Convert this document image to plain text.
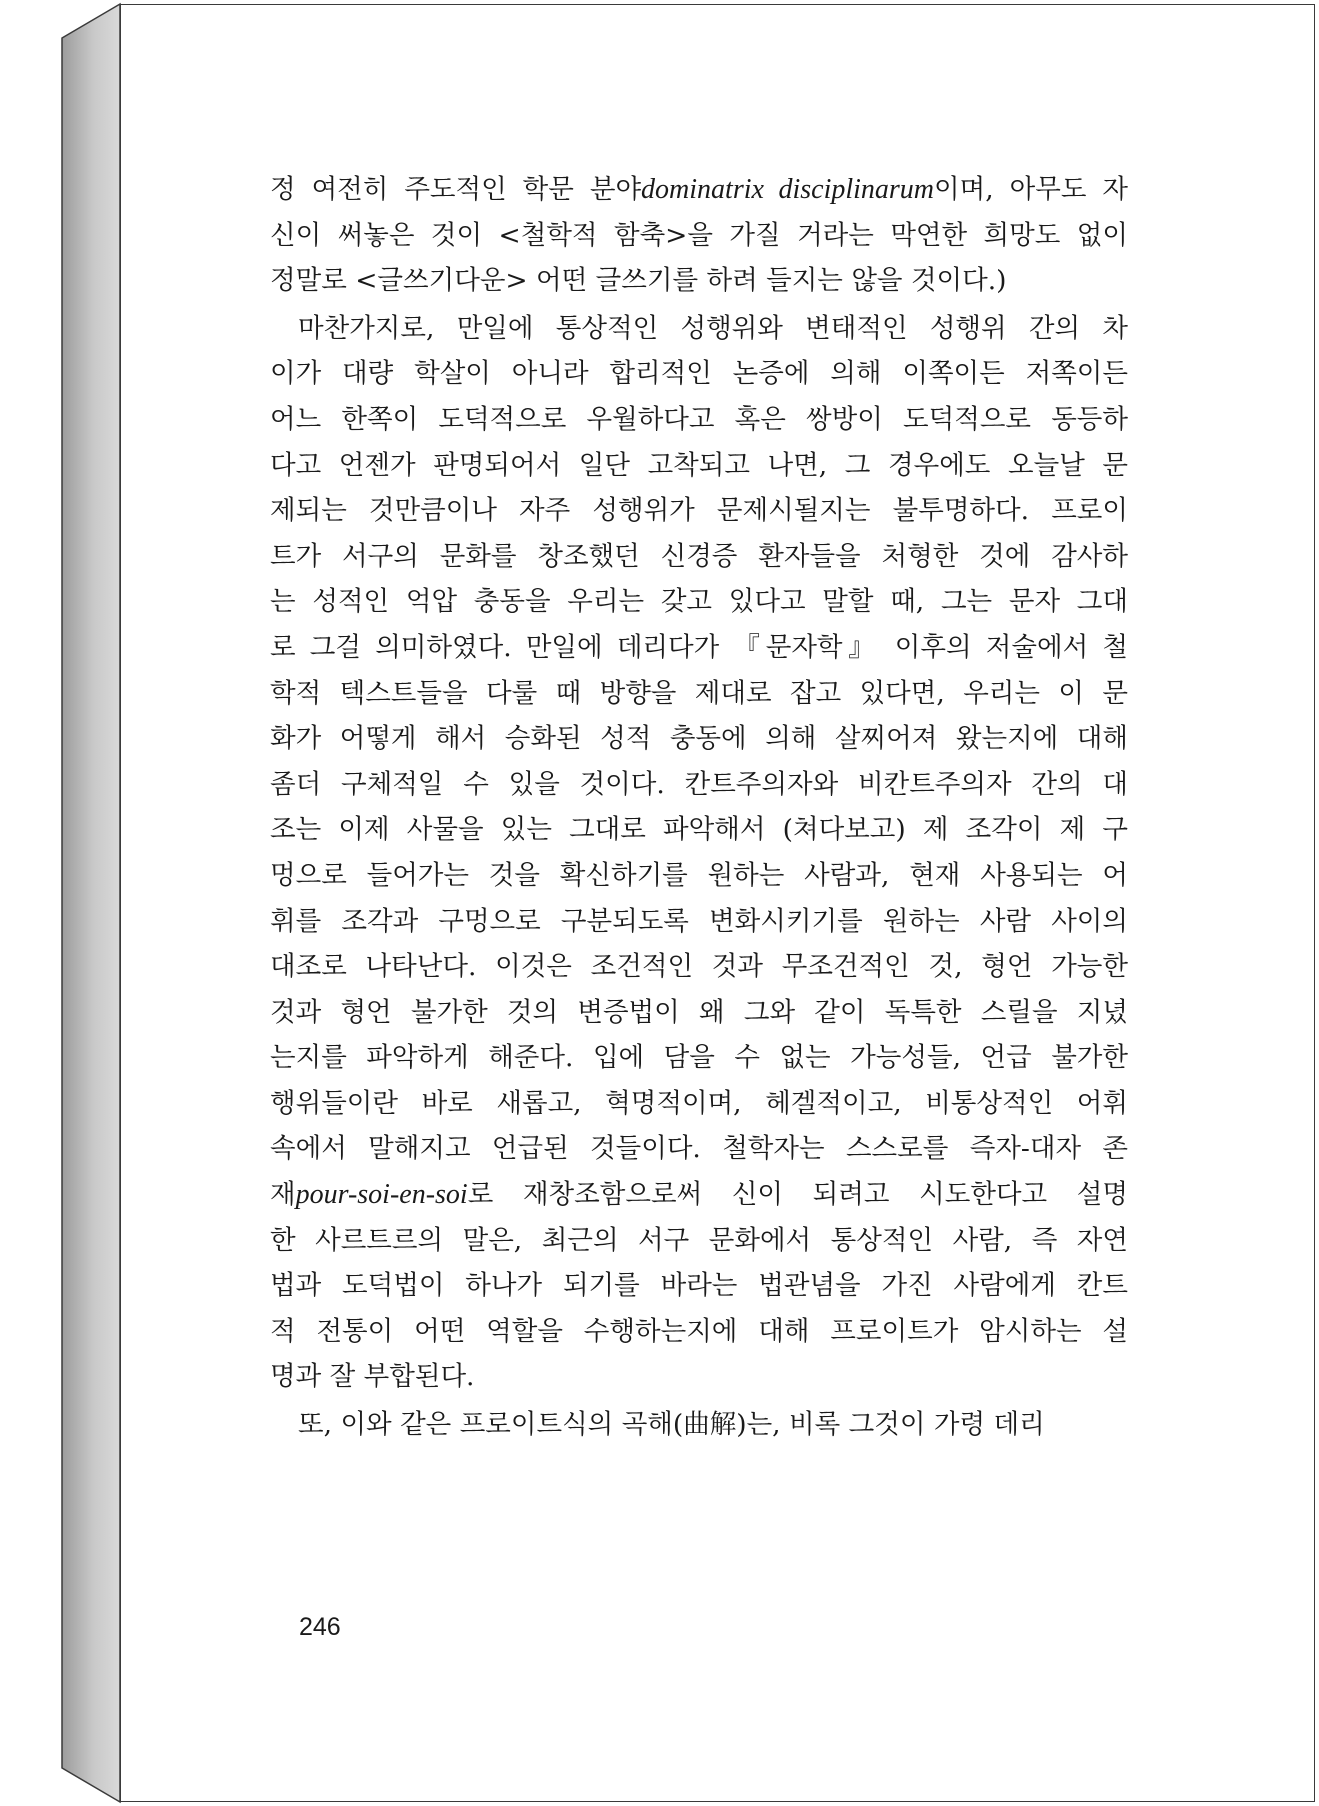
정 여전히 주도적인 학문 분야dominatrix disciplinarum이며, 아무도 자
신이 써놓은 것이 <철학적 함축>을 가질 거라는 막연한 희망도 없이
정말로 <글쓰기다운> 어떤 글쓰기를 하려 들지는 않을 것이다.)
마찬가지로, 만일에 통상적인 성행위와 변태적인 성행위 간의 차
이가 대량 학살이 아니라 합리적인 논증에 의해 이쪽이든 저쪽이든
어느 한쪽이 도덕적으로 우월하다고 혹은 쌍방이 도덕적으로 동등하
다고 언젠가 판명되어서 일단 고착되고 나면, 그 경우에도 오늘날 문
제되는 것만큼이나 자주 성행위가 문제시될지는 불투명하다. 프로이
트가 서구의 문화를 창조했던 신경증 환자들을 처형한 것에 감사하
는 성적인 억압 충동을 우리는 갖고 있다고 말할 때, 그는 문자 그대
로 그걸 의미하였다. 만일에 데리다가 『문자학』 이후의 저술에서 철
학적 텍스트들을 다룰 때 방향을 제대로 잡고 있다면, 우리는 이 문
화가 어떻게 해서 승화된 성적 충동에 의해 살찌어져 왔는지에 대해
좀더 구체적일 수 있을 것이다. 칸트주의자와 비칸트주의자 간의 대
조는 이제 사물을 있는 그대로 파악해서 (쳐다보고) 제 조각이 제 구
멍으로 들어가는 것을 확신하기를 원하는 사람과, 현재 사용되는 어
휘를 조각과 구멍으로 구분되도록 변화시키기를 원하는 사람 사이의
대조로 나타난다. 이것은 조건적인 것과 무조건적인 것, 형언 가능한
것과 형언 불가한 것의 변증법이 왜 그와 같이 독특한 스릴을 지녔
는지를 파악하게 해준다. 입에 담을 수 없는 가능성들, 언급 불가한
행위들이란 바로 새롭고, 혁명적이며, 헤겔적이고, 비통상적인 어휘
속에서 말해지고 언급된 것들이다. 철학자는 스스로를 즉자-대자 존
재pour-soi-en-soi로 재창조함으로써 신이 되려고 시도한다고 설명
한 사르트르의 말은, 최근의 서구 문화에서 통상적인 사람, 즉 자연
법과 도덕법이 하나가 되기를 바라는 법관념을 가진 사람에게 칸트
적 전통이 어떤 역할을 수행하는지에 대해 프로이트가 암시하는 설
명과 잘 부합된다.
또, 이와 같은 프로이트식의 곡해(曲解)는, 비록 그것이 가령 데리
246
